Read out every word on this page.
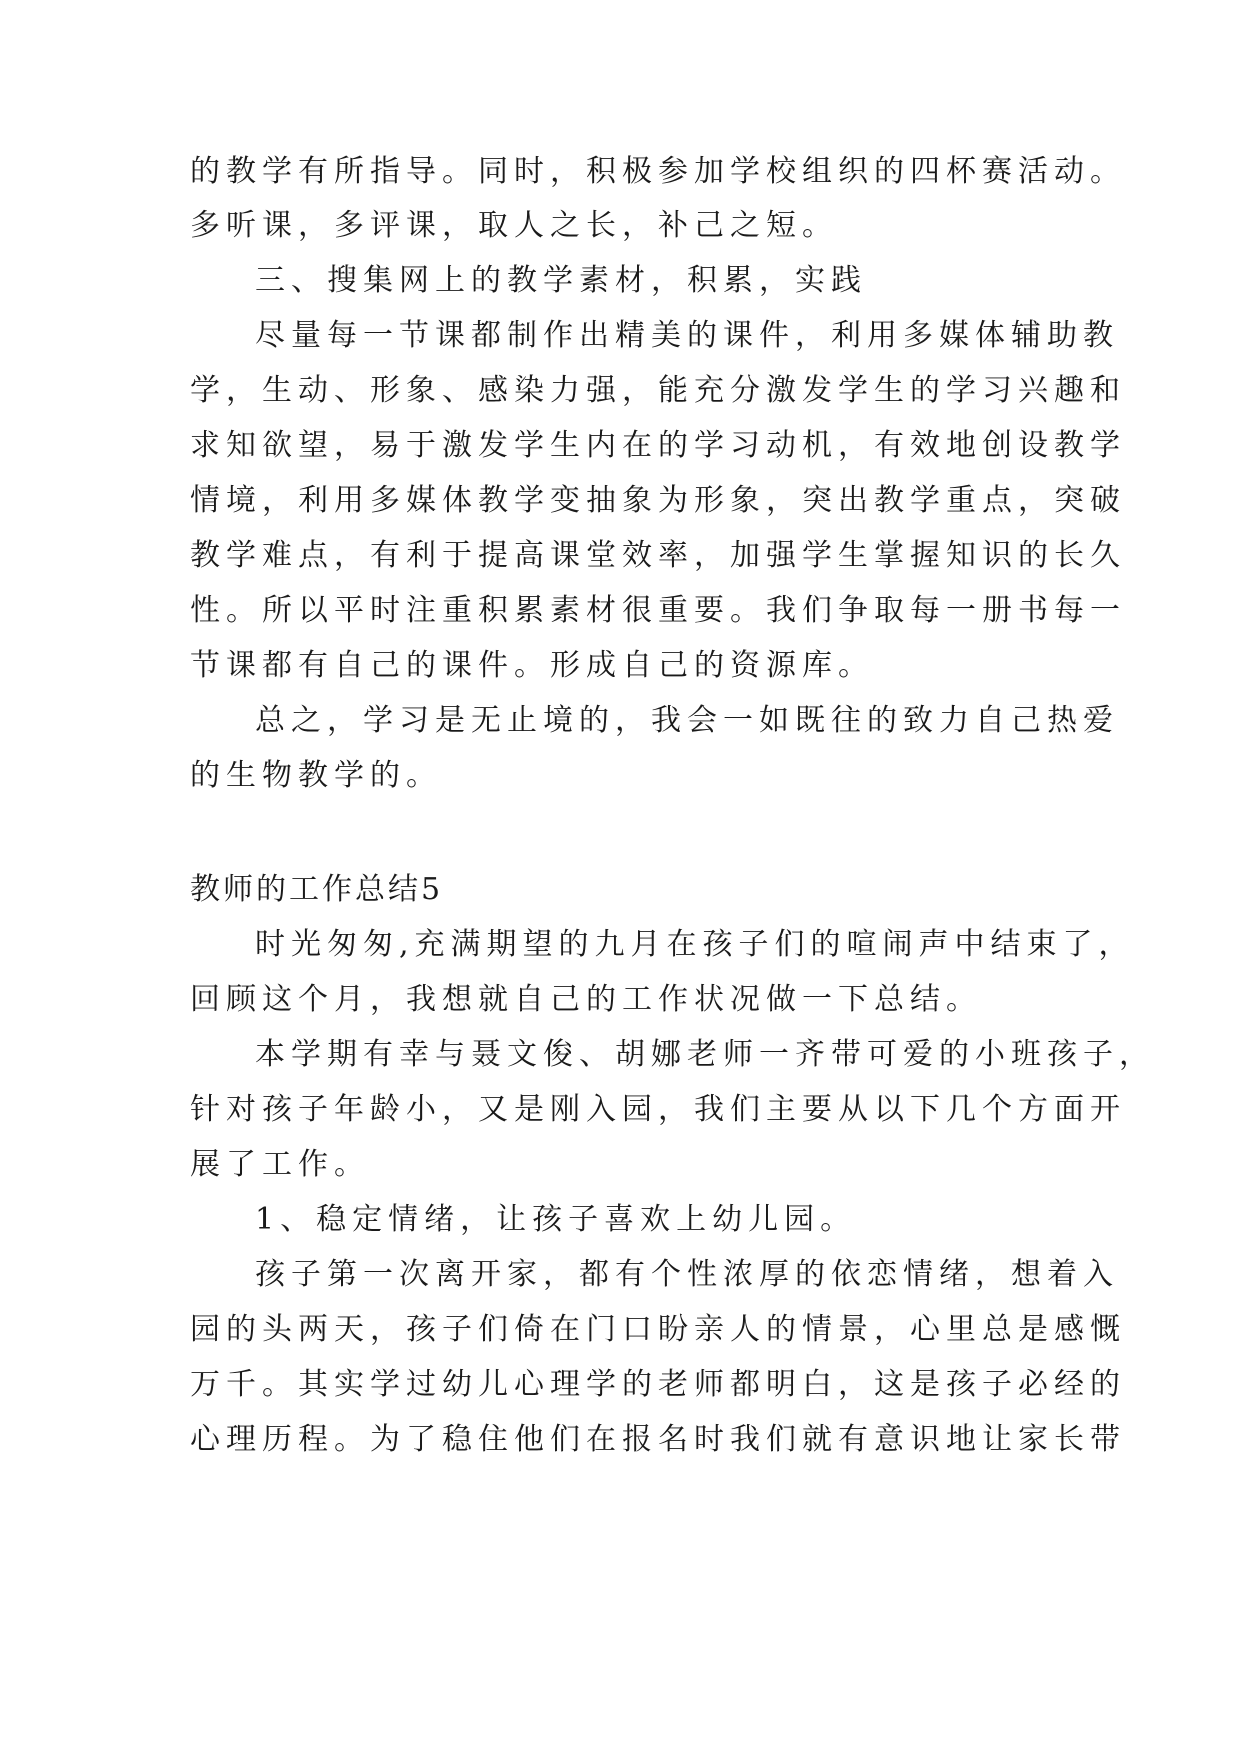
的教学有所指导。同时，积极参加学校组织的四杯赛活动。
多听课，多评课，取人之长，补己之短。
三、搜集网上的教学素材，积累，实践
尽量每一节课都制作出精美的课件，利用多媒体辅助教
学，生动、形象、感染力强，能充分激发学生的学习兴趣和
求知欲望，易于激发学生内在的学习动机，有效地创设教学
情境，利用多媒体教学变抽象为形象，突出教学重点，突破
教学难点，有利于提高课堂效率，加强学生掌握知识的长久
性。所以平时注重积累素材很重要。我们争取每一册书每一
节课都有自己的课件。形成自己的资源库。
总之，学习是无止境的，我会一如既往的致力自己热爱
的生物教学的。
教师的工作总结5
时光匆匆,充满期望的九月在孩子们的喧闹声中结束了，
回顾这个月，我想就自己的工作状况做一下总结。
本学期有幸与聂文俊、胡娜老师一齐带可爱的小班孩子，
针对孩子年龄小，又是刚入园，我们主要从以下几个方面开
展了工作。
1、稳定情绪，让孩子喜欢上幼儿园。
孩子第一次离开家，都有个性浓厚的依恋情绪，想着入
园的头两天，孩子们倚在门口盼亲人的情景，心里总是感慨
万千。其实学过幼儿心理学的老师都明白，这是孩子必经的
心理历程。为了稳住他们在报名时我们就有意识地让家长带
